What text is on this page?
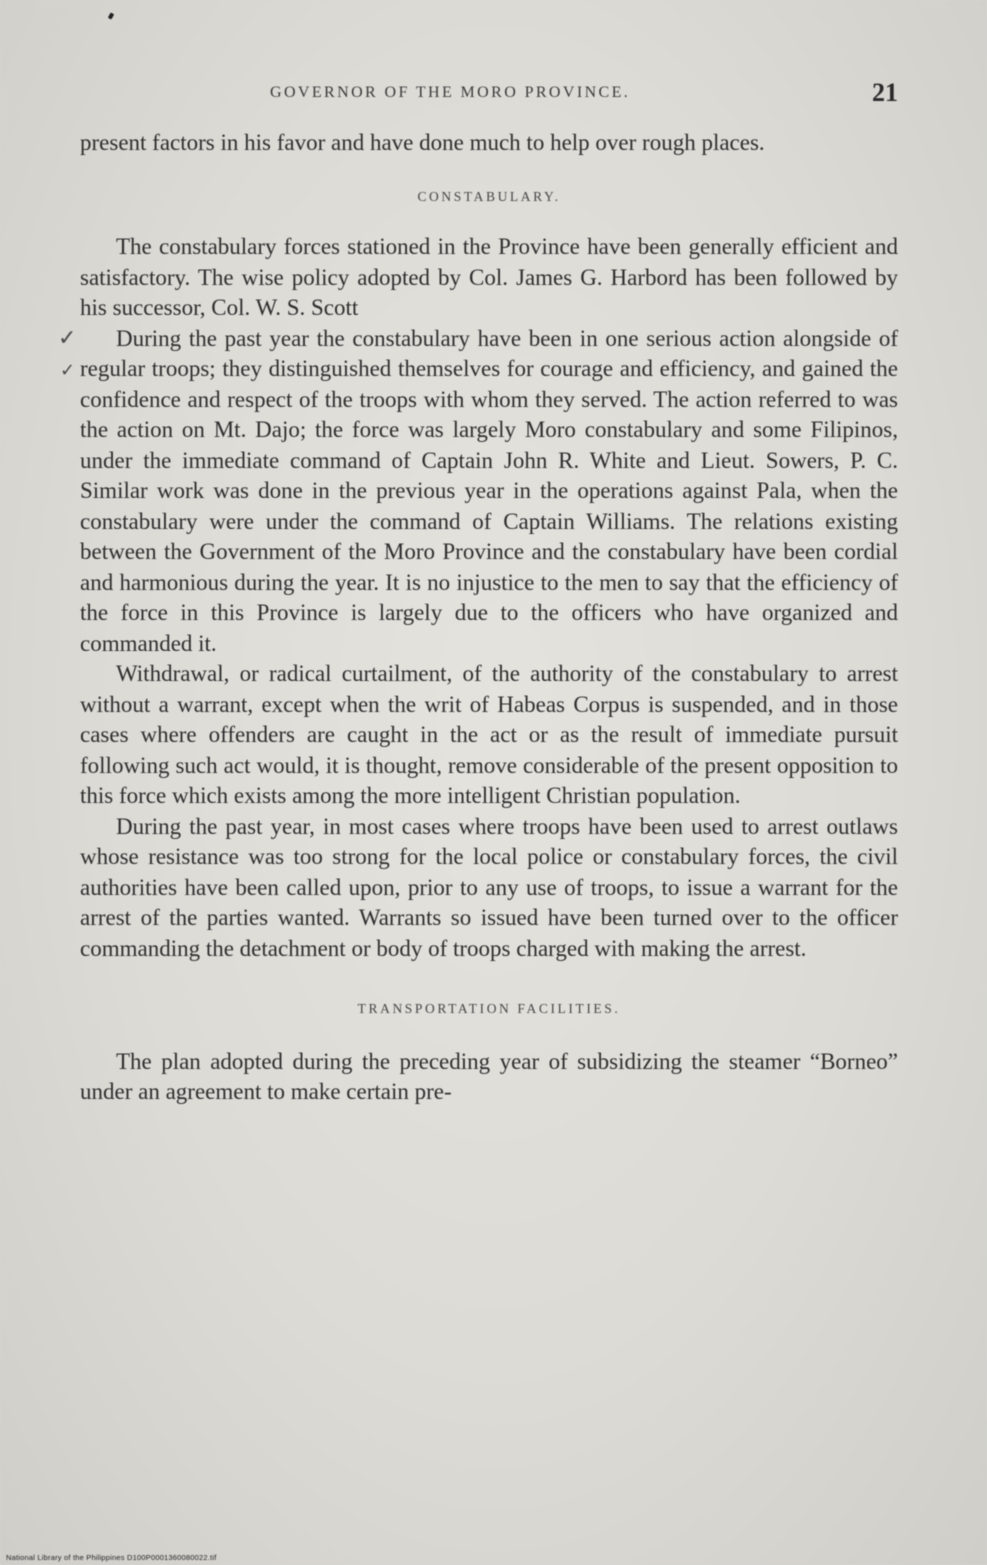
GOVERNOR OF THE MORO PROVINCE.	21
✓
✓

present factors in his favor and have done much to help over rough places.

CONSTABULARY.

The constabulary forces stationed in the Province have been generally efficient and satisfactory. The wise policy adopted by Col. James G. Harbord has been followed by his successor, Col. W. S. Scott

During the past year the constabulary have been in one serious action alongside of regular troops; they distinguished themselves for courage and efficiency, and gained the confidence and respect of the troops with whom they served. The action referred to was the action on Mt. Dajo; the force was largely Moro constabulary and some Filipinos, under the immediate command of Captain John R. White and Lieut. Sowers, P. C. Similar work was done in the previous year in the operations against Pala, when the constabulary were under the command of Captain Williams. The relations existing between the Government of the Moro Province and the constabulary have been cordial and harmonious during the year. It is no injustice to the men to say that the efficiency of the force in this Province is largely due to the officers who have organized and commanded it.

Withdrawal, or radical curtailment, of the authority of the constabulary to arrest without a warrant, except when the writ of Habeas Corpus is suspended, and in those cases where offenders are caught in the act or as the result of immediate pursuit following such act would, it is thought, remove considerable of the present opposition to this force which exists among the more intelligent Christian population.

During the past year, in most cases where troops have been used to arrest outlaws whose resistance was too strong for the local police or constabulary forces, the civil authorities have been called upon, prior to any use of troops, to issue a warrant for the arrest of the parties wanted. Warrants so issued have been turned over to the officer commanding the detachment or body of troops charged with making the arrest.

TRANSPORTATION FACILITIES.

The plan adopted during the preceding year of subsidizing the steamer “Borneo” under an agreement to make certain pre-

National Library of the Philippines D100P0001360080022.tif
